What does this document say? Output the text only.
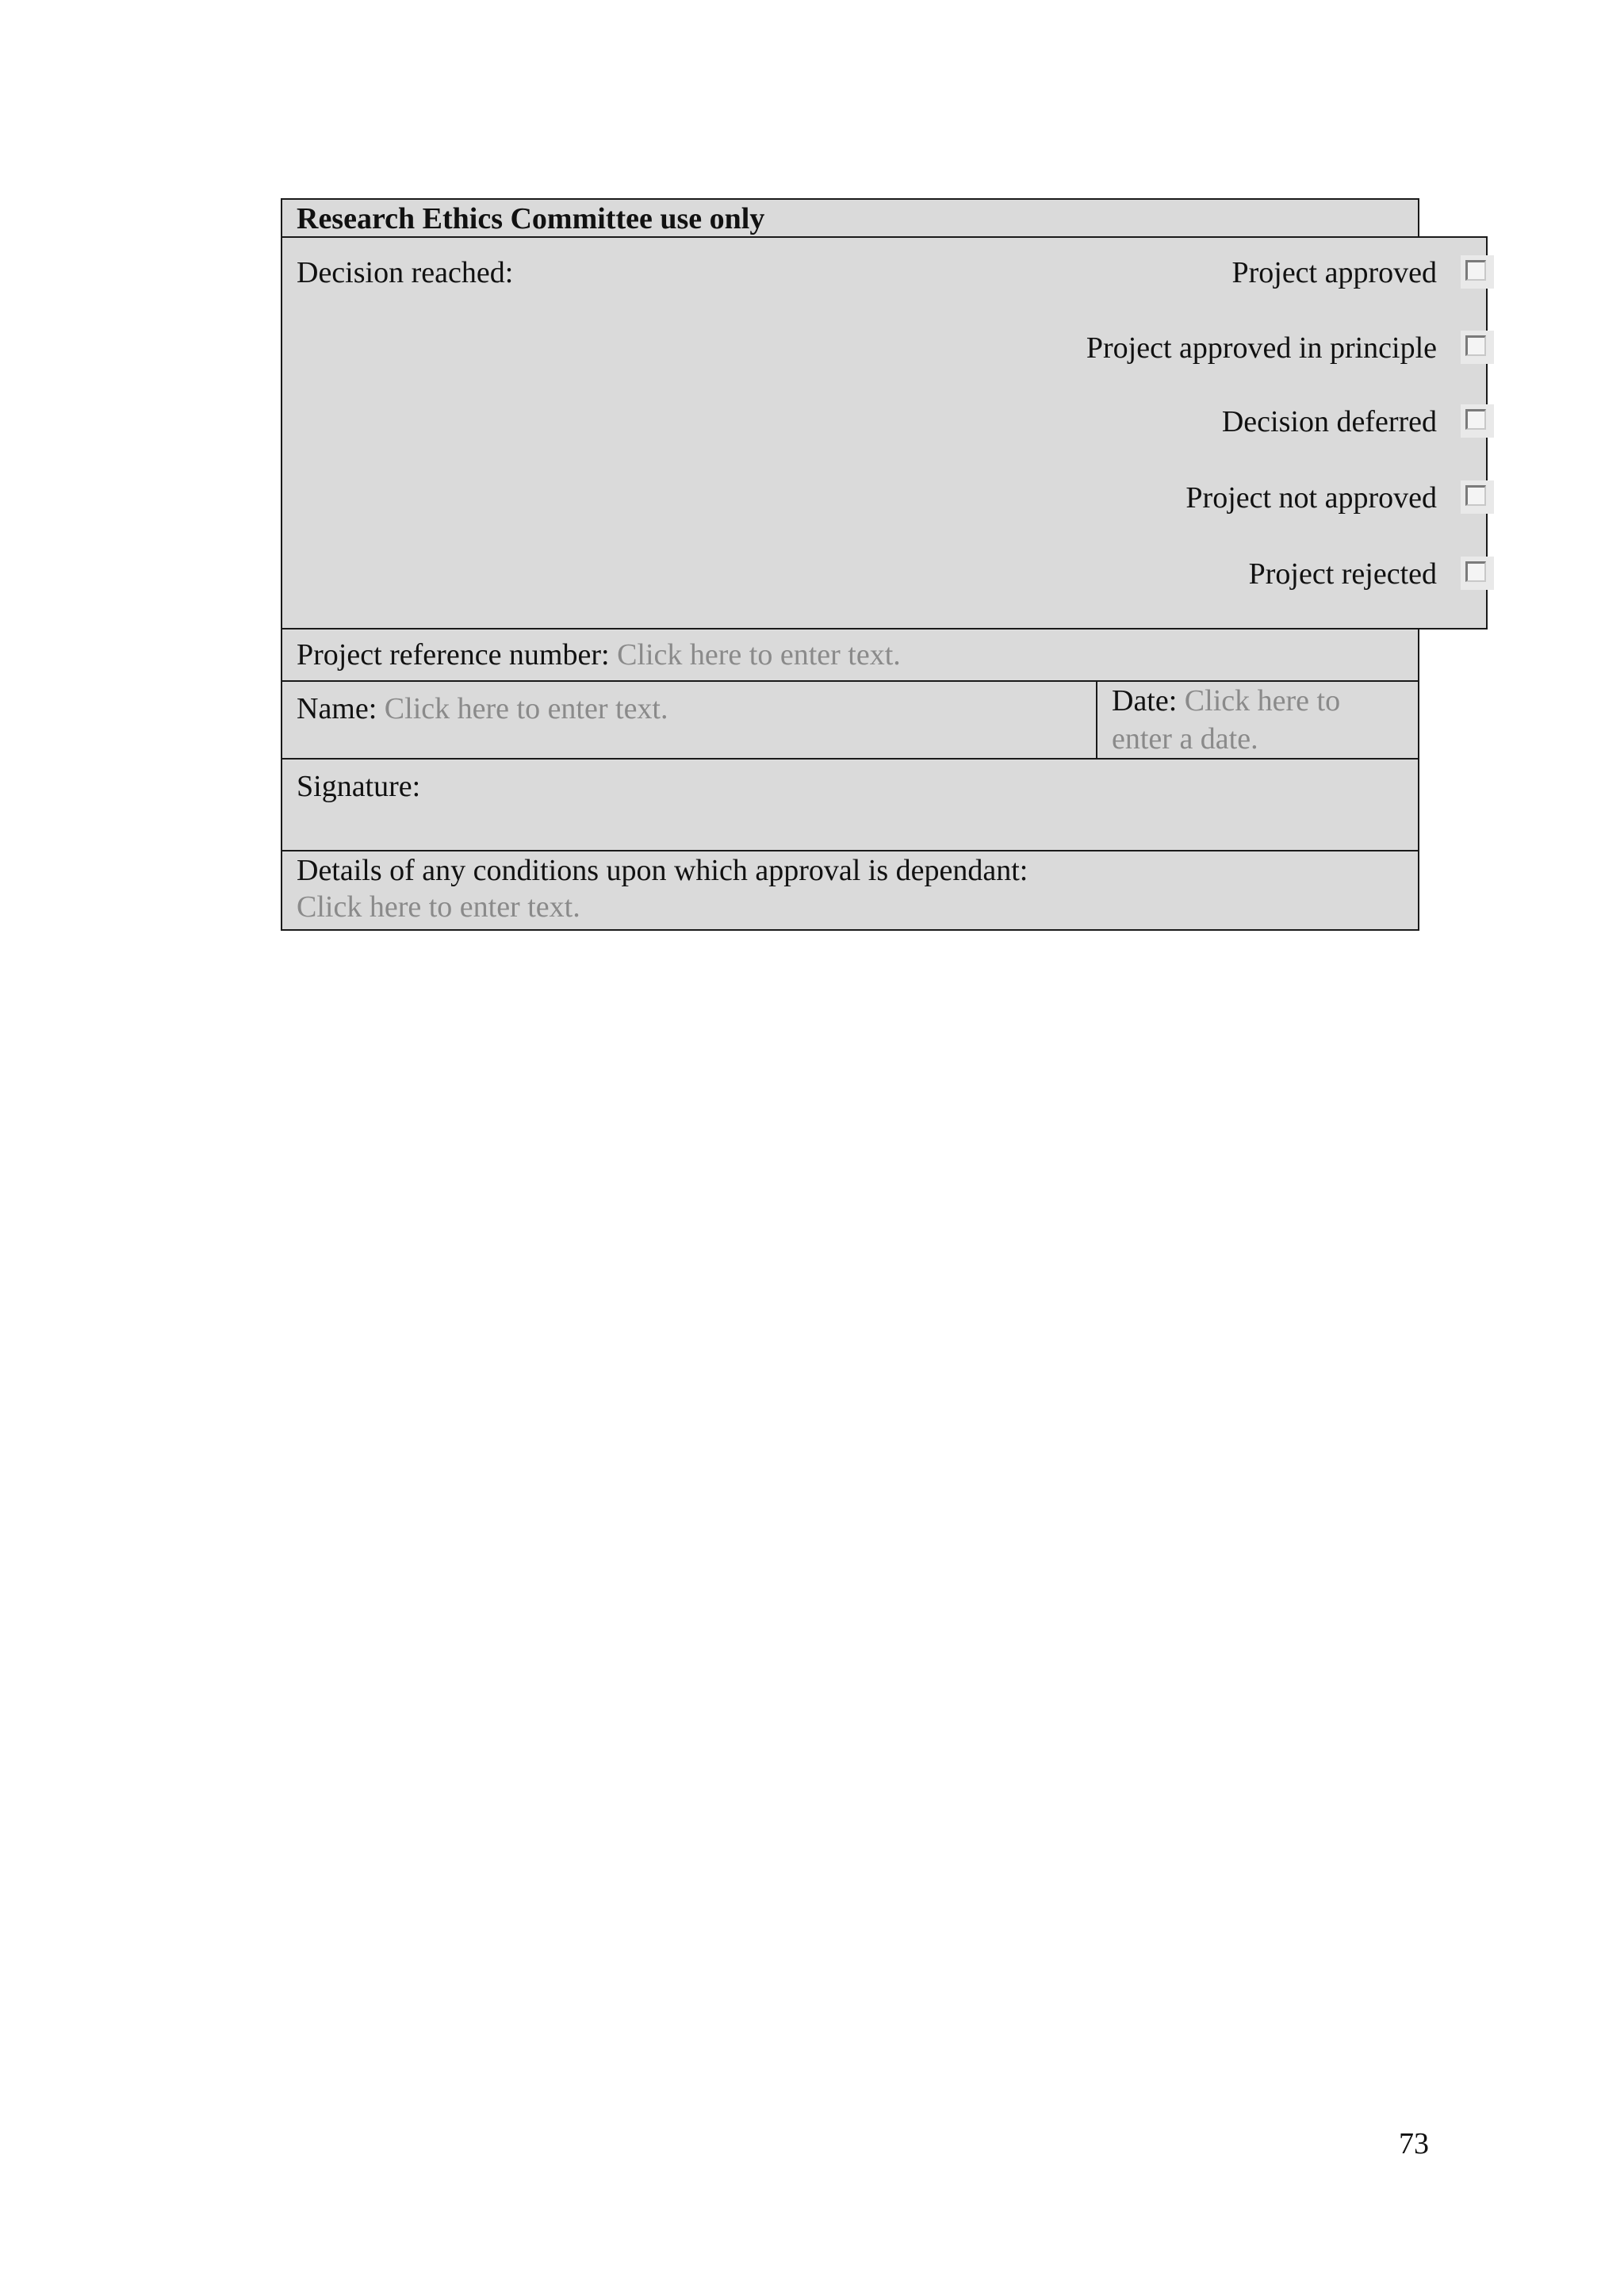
Research Ethics Committee use only
Decision reached:	Project approved
Project approved in principle
Decision deferred
Project not approved
Project rejected
Project reference number: Click here to enter text.
Name: Click here to enter text.	Date: Click here to
enter a date.
Signature:
Details of any conditions upon which approval is dependant:
Click here to enter text.
73
